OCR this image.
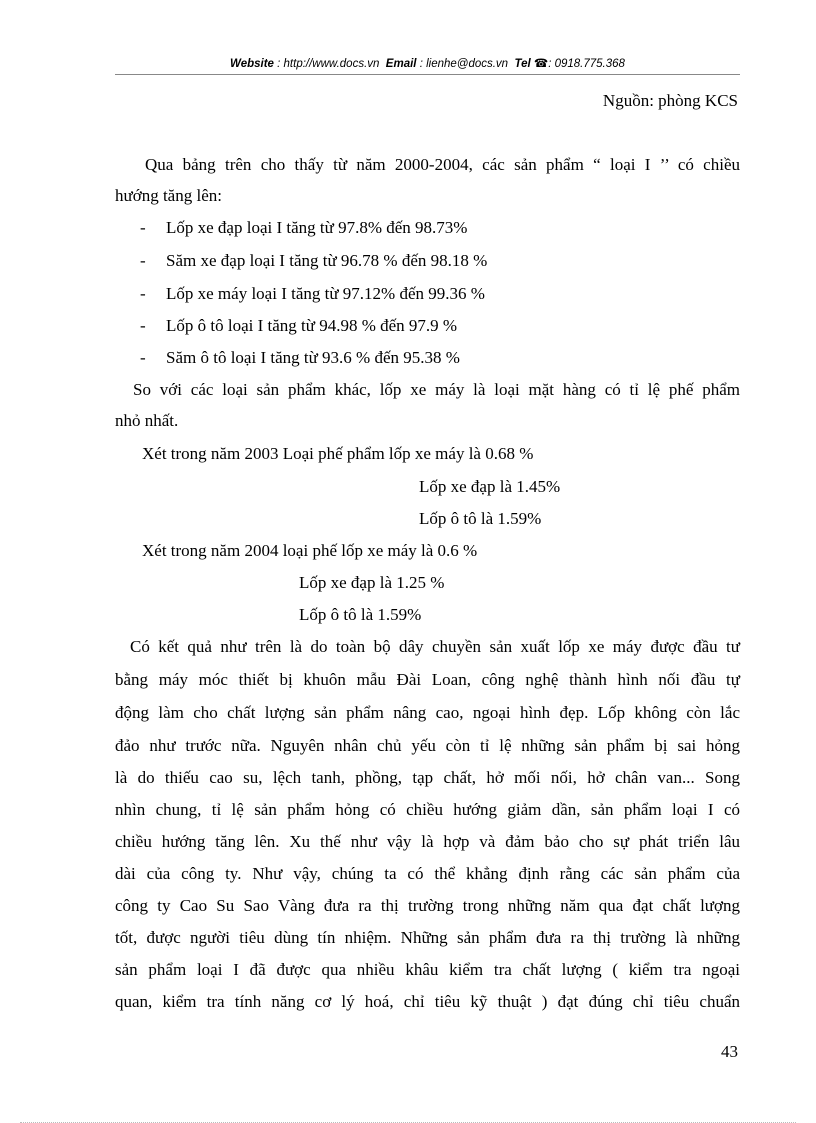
Website : http://www.docs.vn Email : lienhe@docs.vn Tel ☎: 0918.775.368
Nguồn: phòng KCS
Qua bảng trên cho thấy từ năm 2000-2004, các sản phẩm “ loại I ’’ có chiều
hướng tăng lên:
- Lốp xe đạp loại I tăng từ 97.8% đến 98.73%
- Săm xe đạp loại I tăng từ 96.78 % đến 98.18 %
- Lốp xe máy loại I tăng từ 97.12% đến 99.36 %
- Lốp ô tô loại I tăng từ 94.98 % đến 97.9 %
- Săm ô tô loại I tăng từ 93.6 % đến 95.38 %
So với các loại sản phẩm khác, lốp xe máy là loại mặt hàng có tỉ lệ phế phẩm
nhỏ nhất.
Xét trong năm 2003 Loại phế phẩm lốp xe máy là 0.68 %
Lốp xe đạp là 1.45%
Lốp ô tô là 1.59%
Xét trong năm 2004 loại phế lốp xe máy là 0.6 %
Lốp xe đạp là 1.25 %
Lốp ô tô là 1.59%
Có kết quả như trên là do toàn bộ dây chuyền sản xuất lốp xe máy được đầu tư
bằng máy móc thiết bị khuôn mẫu Đài Loan, công nghệ thành hình nối đầu tự
động làm cho chất lượng sản phẩm nâng cao, ngoại hình đẹp. Lốp không còn lắc
đảo như trước nữa. Nguyên nhân chủ yếu còn tỉ lệ những sản phẩm bị sai hỏng
là do thiếu cao su, lệch tanh, phồng, tạp chất, hở mối nối, hở chân van... Song
nhìn chung, tỉ lệ sản phẩm hỏng có chiều hướng giảm dần, sản phẩm loại I có
chiều hướng tăng lên. Xu thế như vậy là hợp và đảm bảo cho sự phát triển lâu
dài của công ty. Như vậy, chúng ta có thể khẳng định rằng các sản phẩm của
công ty Cao Su Sao Vàng đưa ra thị trường trong những năm qua đạt chất lượng
tốt, được người tiêu dùng tín nhiệm. Những sản phẩm đưa ra thị trường là những
sản phẩm loại I đã được qua nhiều khâu kiểm tra chất lượng ( kiểm tra ngoại
quan, kiểm tra tính năng cơ lý hoá, chỉ tiêu kỹ thuật ) đạt đúng chỉ tiêu chuẩn
43
